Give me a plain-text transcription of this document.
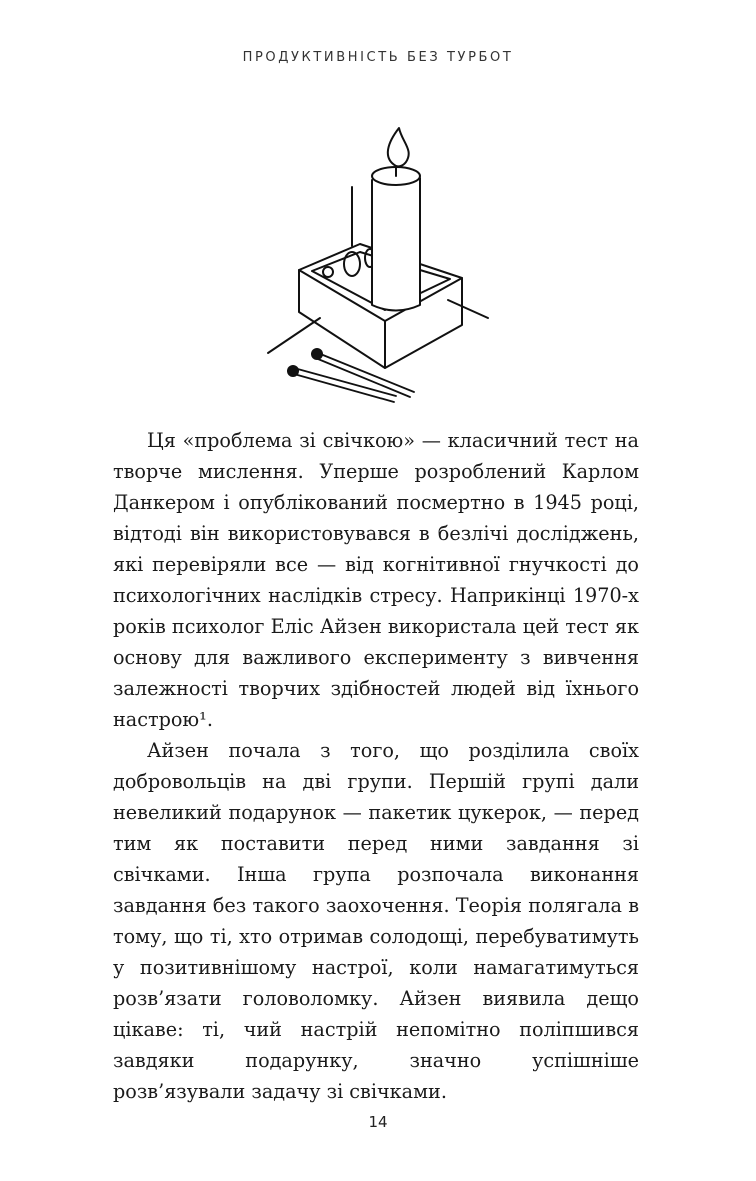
ПРОДУКТИВНІСТЬ БЕЗ ТУРБОТ

Ця «проблема зі свічкою» — класичний тест на творче мислення. Уперше розроблений Карлом Данкером і опублікований посмертно в 1945 році, відтоді він використовувався в безлічі досліджень, які перевіряли все — від когнітивної гнучкості до психологічних наслідків стресу. Наприкінці 1970-х років психолог Еліс Айзен використала цей тест як основу для важливого експерименту з вивчення залежності творчих здібностей людей від їхнього настрою¹.

Айзен почала з того, що розділила своїх добровольців на дві групи. Першій групі дали невеликий подарунок — пакетик цукерок, — перед тим як поставити перед ними завдання зі свічками. Інша група розпочала виконання завдання без такого заохочення. Теорія полягала в тому, що ті, хто отримав солодощі, перебуватимуть у позитивнішому настрої, коли намагатимуться розв’язати головоломку. Айзен виявила дещо цікаве: ті, чий настрій непомітно поліпшився завдяки подарунку, значно успішніше розв’язували задачу зі свічками.

14
